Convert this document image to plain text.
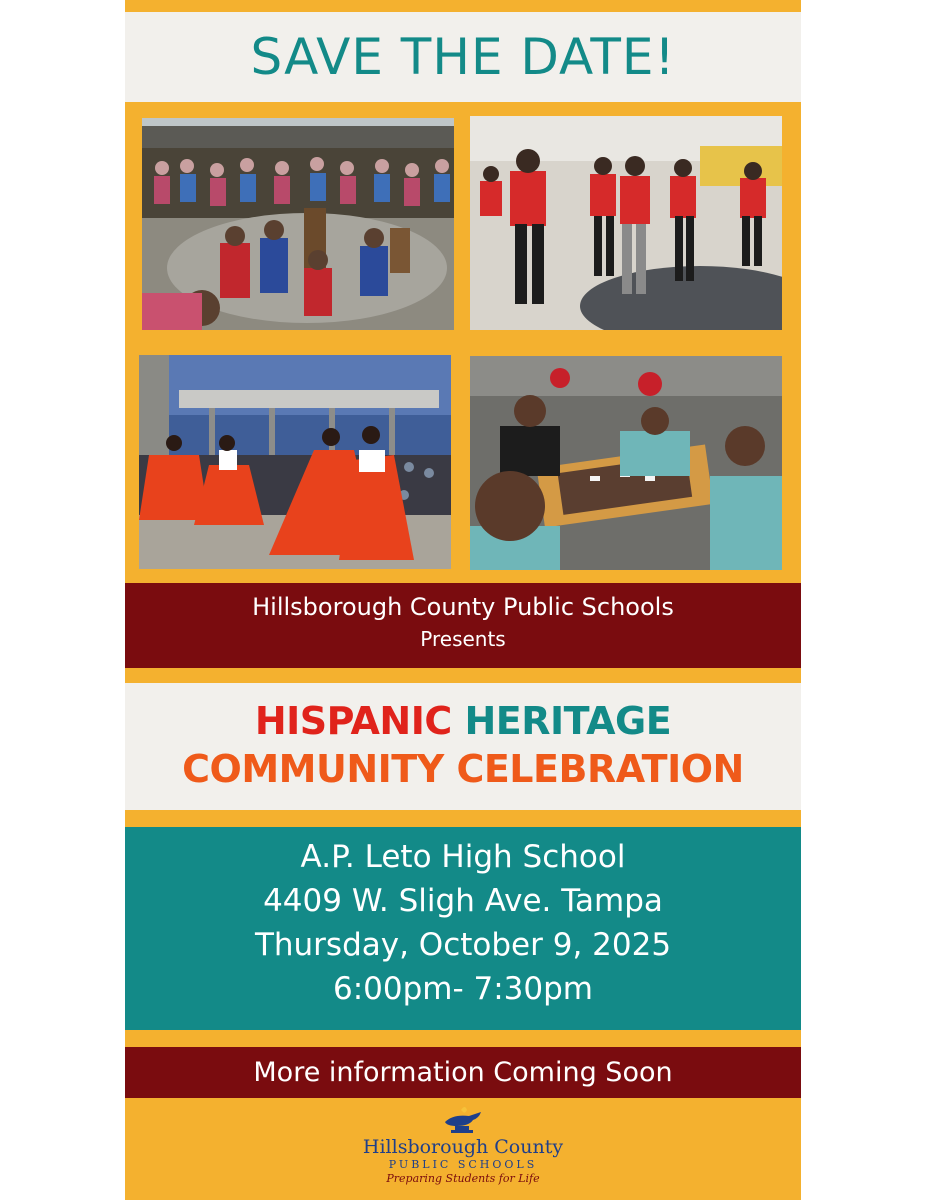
SAVE THE DATE!
Hillsborough County Public Schools
Presents
HISPANIC HERITAGE
COMMUNITY CELEBRATION
A.P. Leto High School
4409 W. Sligh Ave. Tampa
Thursday, October 9, 2025
6:00pm- 7:30pm
More information Coming Soon
Hillsborough County
PUBLIC SCHOOLS
Preparing Students for Life
